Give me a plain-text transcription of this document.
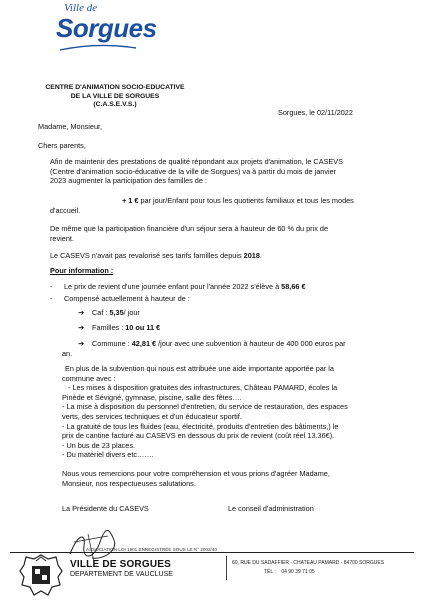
Ville de
Sorgues
CENTRE D'ANIMATION SOCIO-EDUCATIVE
DE LA VILLE DE SORGUES
(C.A.S.E.V.S.)
Sorgues, le 02/11/2022
Madame, Monsieur,
Chers parents,
Afin de maintenir des prestations de qualité répondant aux projets d'animation, le CASEVS
(Centre d'animation socio-éducative de la ville de Sorgues) va à partir du mois de janvier
2023 augmenter la participation des familles de :
+ 1 € par jour/Enfant pour tous les quotients familiaux et tous les modes
d'accueil.
De même que la participation financière d'un séjour sera à hauteur de 60 % du prix de
revient.
Le CASEVS n'avait pas revalorisé ses tarifs familles depuis 2018.
Pour information :
- Le prix de revient d'une journée enfant pour l'année 2022 s'élève à 58,66 €
- Compensé actuellement à hauteur de :
➔ Caf : 5,35/ jour
➔ Familles : 10 ou 11 €
➔ Commune : 42,81 € /jour avec une subvention à hauteur de 400 000 euros par
an.
En plus de la subvention qui nous est attribuée une aide importante apportée par la
commune avec :
- Les mises à disposition gratuites des infrastructures, Château PAMARD, écoles la
Pinède et Sévigné, gymnase, piscine, salle des fêtes….
- La mise à disposition du personnel d'entretien, du service de restauration, des espaces
verts, des services techniques et d'un éducateur sportif.
- La gratuité de tous les fluides (eau, électricité, produits d'entretien des bâtiments,) le
prix de cantine facturé au CASEVS en dessous du prix de revient (coût réel 13.36€).
- Un bus de 23 places.
- Du matériel divers etc…….
Nous vous remercions pour votre compréhension et vous prions d'agréer Madame,
Monsieur, nos respectueuses salutations.
La Présidente du CASEVS	Le conseil d'administration
ASSOCIATION LOI 1901 ENREGISTRÉE SOUS LE N° 2002/40
VILLE DE SORGUES
DEPARTEMENT DE VAUCLUSE
60, RUE DU SADAFFIER - CHATEAU PAMARD - 84700 SORGUES
TÉL : 04 90 39 71 05
